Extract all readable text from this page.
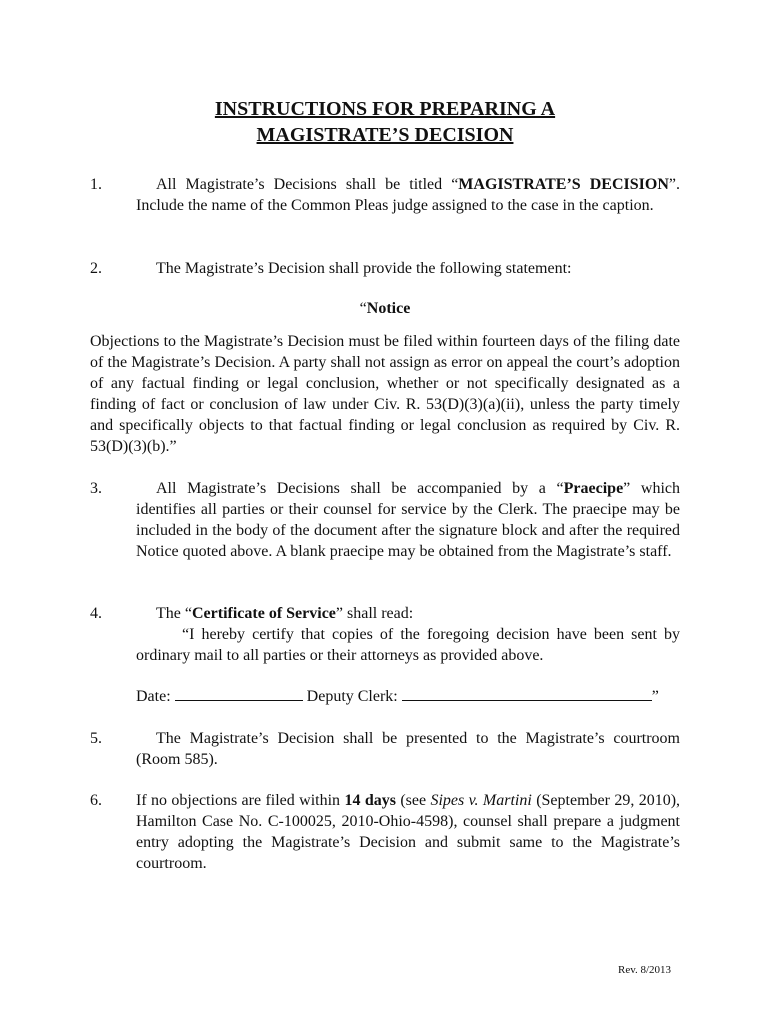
INSTRUCTIONS FOR PREPARING A
MAGISTRATE’S DECISION
1.	All Magistrate’s Decisions shall be titled “MAGISTRATE’S DECISION”. Include the name of the Common Pleas judge assigned to the case in the caption.
2.	The Magistrate’s Decision shall provide the following statement:
“Notice
Objections to the Magistrate’s Decision must be filed within fourteen days of the filing date of the Magistrate’s Decision. A party shall not assign as error on appeal the court’s adoption of any factual finding or legal conclusion, whether or not specifically designated as a finding of fact or conclusion of law under Civ. R. 53(D)(3)(a)(ii), unless the party timely and specifically objects to that factual finding or legal conclusion as required by Civ. R. 53(D)(3)(b).”
3.	All Magistrate’s Decisions shall be accompanied by a “Praecipe” which identifies all parties or their counsel for service by the Clerk. The praecipe may be included in the body of the document after the signature block and after the required Notice quoted above. A blank praecipe may be obtained from the Magistrate’s staff.
4.	The “Certificate of Service” shall read:
“I hereby certify that copies of the foregoing decision have been sent by ordinary mail to all parties or their attorneys as provided above.
Date:	Deputy Clerk:	”
5.	The Magistrate’s Decision shall be presented to the Magistrate’s courtroom (Room 585).
6.	If no objections are filed within 14 days (see Sipes v. Martini (September 29, 2010), Hamilton Case No. C-100025, 2010-Ohio-4598), counsel shall prepare a judgment entry adopting the Magistrate’s Decision and submit same to the Magistrate’s courtroom.
Rev. 8/2013
